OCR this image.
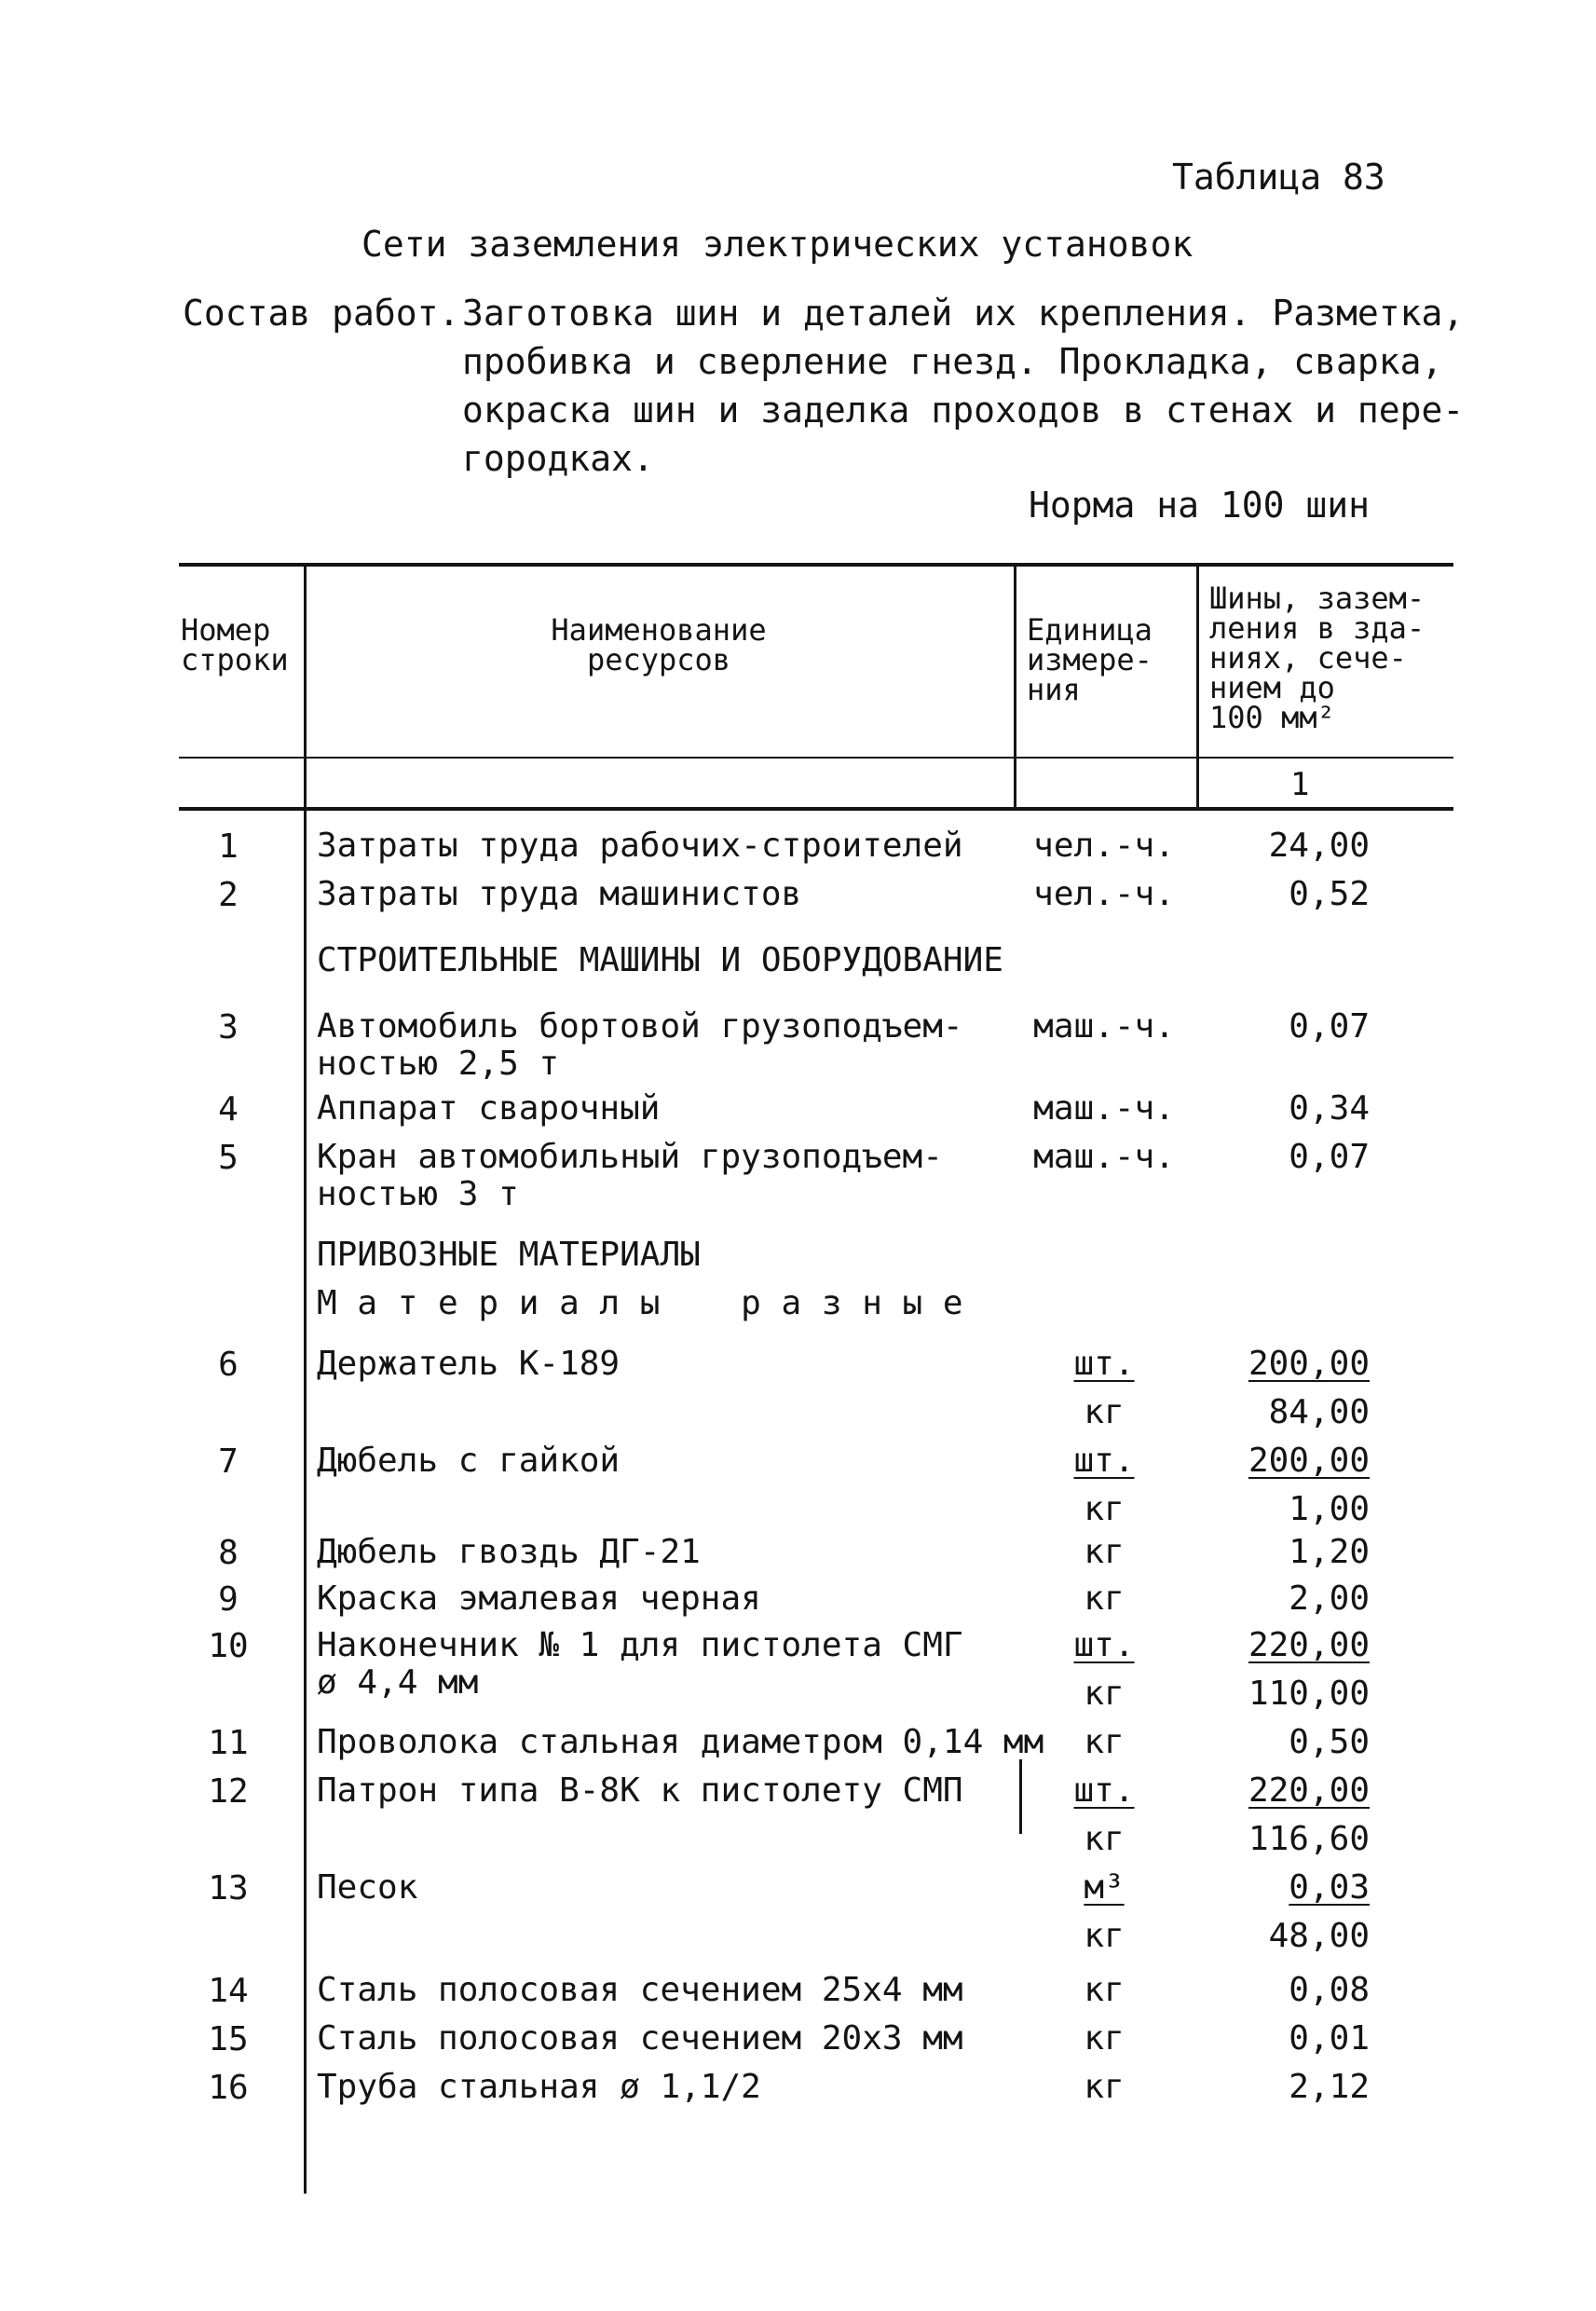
Таблица 83
Сети заземления электрических установок
Состав работ. Заготовка шин и деталей их крепления. Разметка,
пробивка и сверление гнезд. Прокладка, сварка,
окраска шин и заделка проходов в стенах и пере-
городках.
Норма на 100 шин
Номер
строки
Наименование
ресурсов
Единица
измере-
ния
Шины, зазем-
ления в зда-
ниях, сече-
нием до
100 мм²
1
1	Затраты труда рабочих-строителей чел.-ч.	24,00
2	Затраты труда машинистов	чел.-ч.	0,52
СТРОИТЕЛЬНЫЕ МАШИНЫ И ОБОРУДОВАНИЕ
3	Автомобиль бортовой грузоподъем-
ностью 2,5 т
маш.-ч.	0,07
4	Аппарат сварочный	маш.-ч.	0,34
5	Кран автомобильный грузоподъем-
ностью 3 т
маш.-ч.	0,07
ПРИВОЗНЫЕ МАТЕРИАЛЫ
М а т е р и а л ы    р а з н ы е
6	Держатель К-189	шт.	200,00
кг	84,00
7	Дюбель с гайкой	шт.	200,00
кг	1,00
8	Дюбель гвоздь ДГ-21	кг	1,20
9	Краска эмалевая черная	кг	2,00
10	Наконечник № 1 для пистолета СМГ
ø 4,4 мм
шт.	220,00
кг	110,00
11	Проволока стальная диаметром 0,14 мм	кг	0,50
12	Патрон типа В-8К к пистолету СМП	шт.	220,00
кг	116,60
13	Песок	м³	0,03
кг	48,00
14	Сталь полосовая сечением 25х4 мм	кг	0,08
15	Сталь полосовая сечением 20х3 мм	кг	0,01
16	Труба стальная ø 1,1/2	кг	2,12
